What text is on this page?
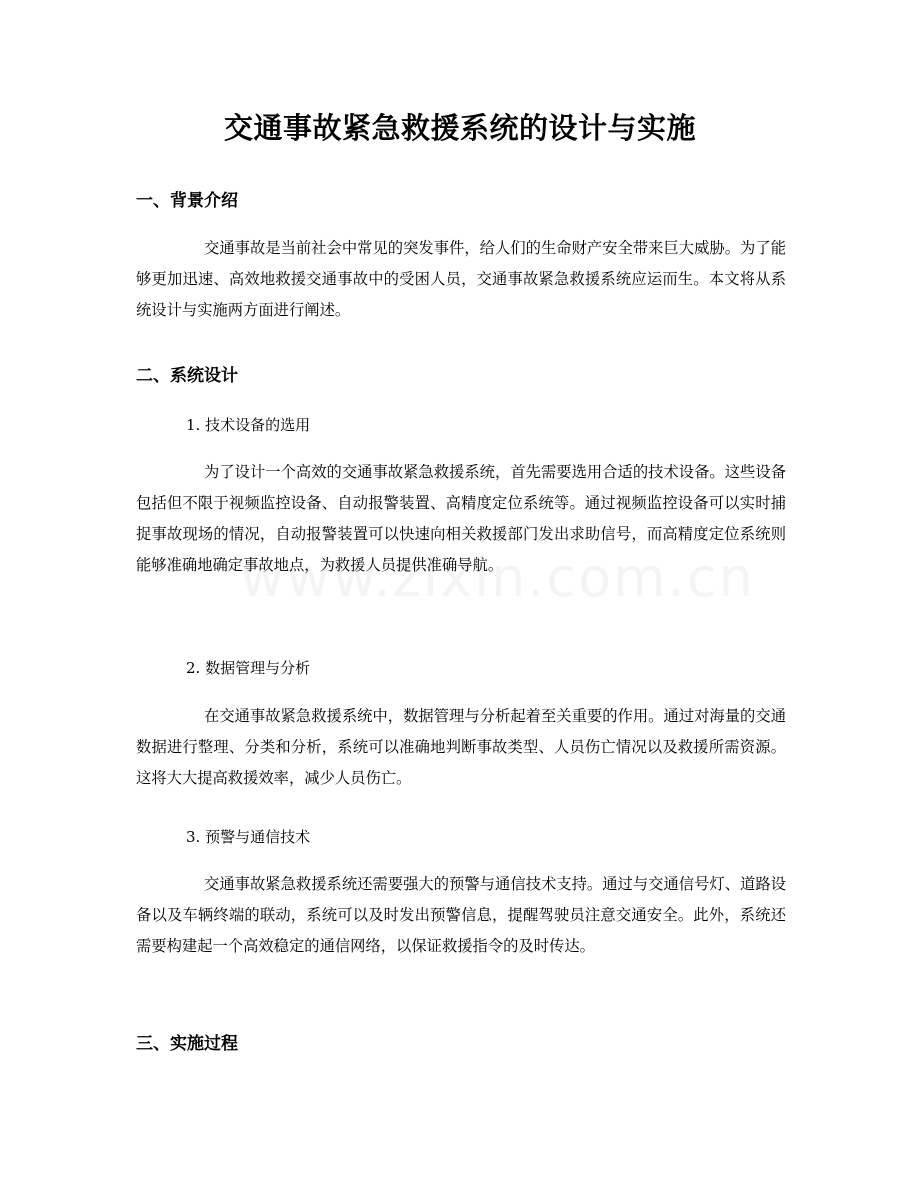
交通事故紧急救援系统的设计与实施
一、背景介绍

交通事故是当前社会中常见的突发事件，给人们的生命财产安全带来巨大威胁。为了能够更加迅速、高效地救援交通事故中的受困人员，交通事故紧急救援系统应运而生。本文将从系统设计与实施两方面进行阐述。

二、系统设计
1. 技术设备的选用

为了设计一个高效的交通事故紧急救援系统，首先需要选用合适的技术设备。这些设备包括但不限于视频监控设备、自动报警装置、高精度定位系统等。通过视频监控设备可以实时捕捉事故现场的情况，自动报警装置可以快速向相关救援部门发出求助信号，而高精度定位系统则能够准确地确定事故地点，为救援人员提供准确导航。

2. 数据管理与分析

在交通事故紧急救援系统中，数据管理与分析起着至关重要的作用。通过对海量的交通数据进行整理、分类和分析，系统可以准确地判断事故类型、人员伤亡情况以及救援所需资源。这将大大提高救援效率，减少人员伤亡。

3. 预警与通信技术

交通事故紧急救援系统还需要强大的预警与通信技术支持。通过与交通信号灯、道路设备以及车辆终端的联动，系统可以及时发出预警信息，提醒驾驶员注意交通安全。此外，系统还需要构建起一个高效稳定的通信网络，以保证救援指令的及时传达。

三、实施过程
